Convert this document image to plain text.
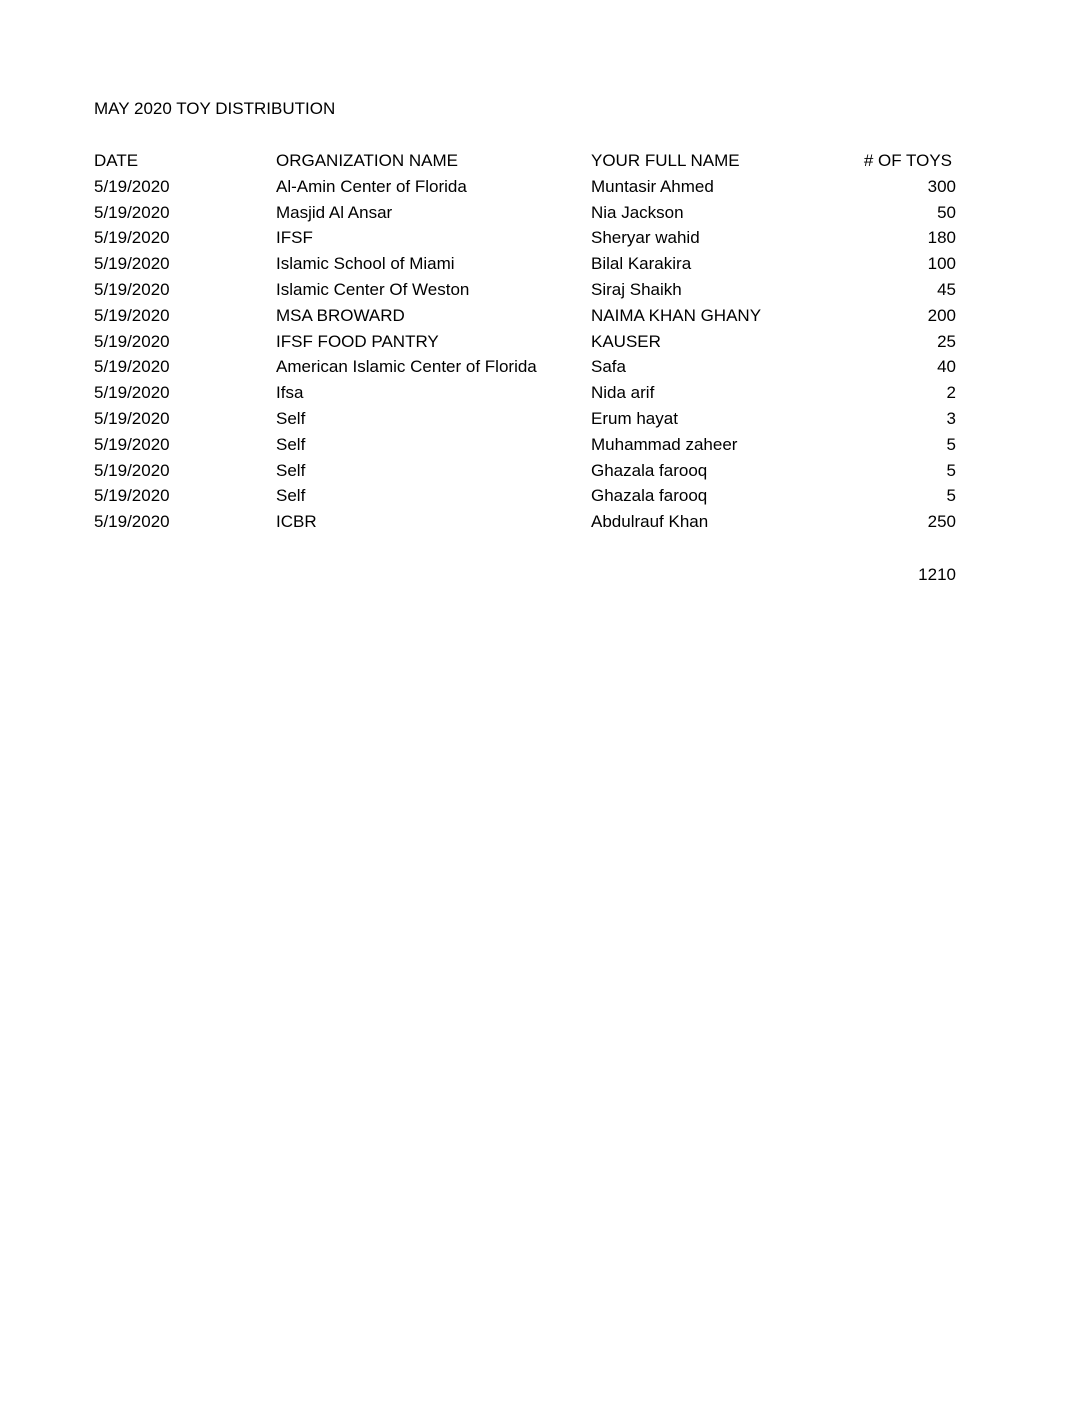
MAY 2020 TOY DISTRIBUTION
DATE	ORGANIZATION NAME	YOUR FULL NAME	# OF TOYS
5/19/2020	Al-Amin Center of Florida	Muntasir Ahmed	300
5/19/2020	Masjid Al Ansar	Nia Jackson	50
5/19/2020	IFSF	Sheryar wahid	180
5/19/2020	Islamic School of Miami	Bilal Karakira	100
5/19/2020	Islamic Center Of Weston	Siraj Shaikh	45
5/19/2020	MSA BROWARD	NAIMA KHAN GHANY	200
5/19/2020	IFSF FOOD PANTRY	KAUSER	25
5/19/2020	American Islamic Center of Florida	Safa	40
5/19/2020	Ifsa	Nida arif	2
5/19/2020	Self	Erum hayat	3
5/19/2020	Self	Muhammad zaheer	5
5/19/2020	Self	Ghazala farooq	5
5/19/2020	Self	Ghazala farooq	5
5/19/2020	ICBR	Abdulrauf Khan	250
1210
